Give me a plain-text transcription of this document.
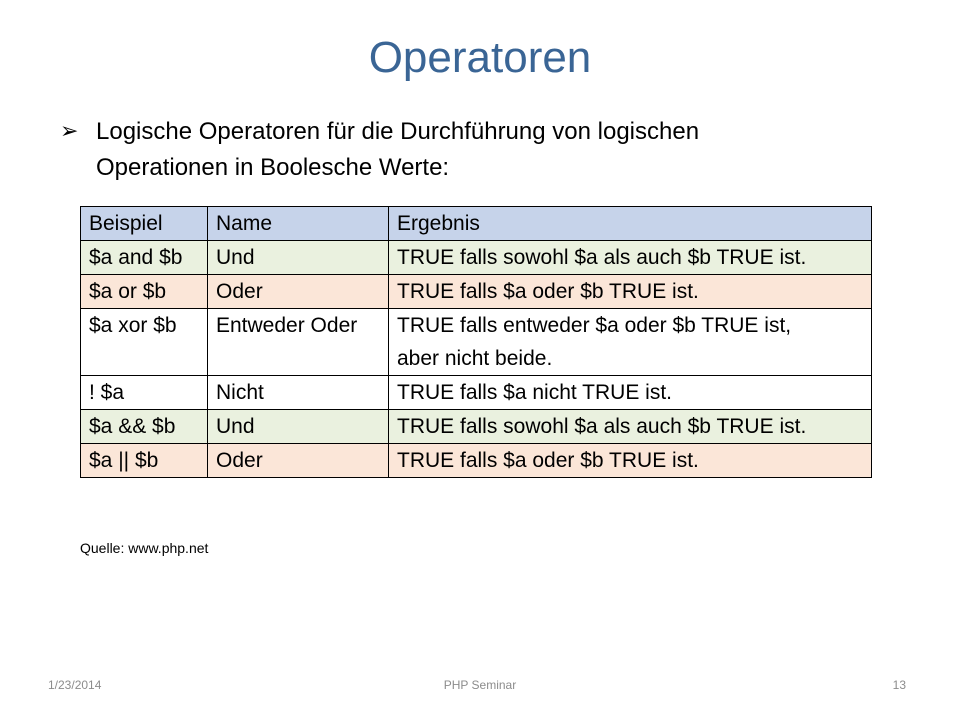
Operatoren
➢ Logische Operatoren für die Durchführung von logischen
Operationen in Boolesche Werte:
Beispiel	Name	Ergebnis
$a and $b	Und	TRUE falls sowohl $a als auch $b TRUE ist.
$a or $b	Oder	TRUE falls $a oder $b TRUE ist.
$a xor $b	Entweder Oder	TRUE falls entweder $a oder $b TRUE ist,
aber nicht beide.

! $a	Nicht	TRUE falls $a nicht TRUE ist.
$a && $b	Und	TRUE falls sowohl $a als auch $b TRUE ist.
$a || $b	Oder	TRUE falls $a oder $b TRUE ist.
Quelle: www.php.net
1/23/2014	PHP Seminar	13
